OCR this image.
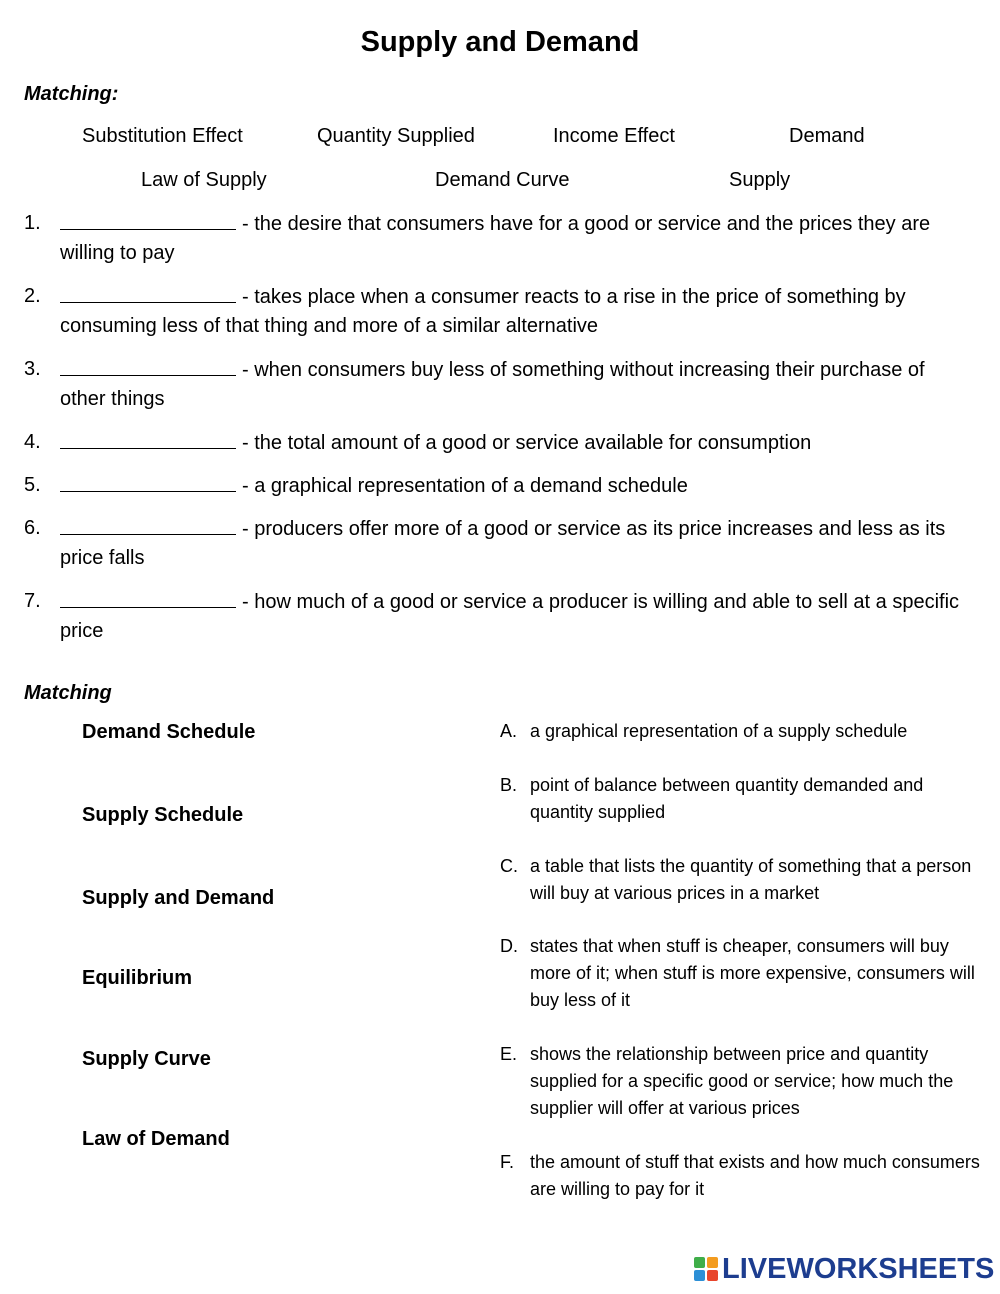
Supply and Demand
Matching:
Substitution Effect	Quantity Supplied	Income Effect	Demand
Law of Supply	Demand Curve	Supply
1.	- the desire that consumers have for a good or service and the prices they are willing to pay
2.	- takes place when a consumer reacts to a rise in the price of something by consuming less of that thing and more of a similar alternative
3.	- when consumers buy less of something without increasing their purchase of other things
4.	- the total amount of a good or service available for consumption
5.	- a graphical representation of a demand schedule
6.	- producers offer more of a good or service as its price increases and less as its price falls
7.	- how much of a good or service a producer is willing and able to sell at a specific price
Matching
Demand Schedule
Supply Schedule
Supply and Demand
Equilibrium
Supply Curve
Law of Demand
A. a graphical representation of a supply schedule
B. point of balance between quantity demanded and quantity supplied
C. a table that lists the quantity of something that a person will buy at various prices in a market
D. states that when stuff is cheaper, consumers will buy more of it; when stuff is more expensive, consumers will buy less of it
E. shows the relationship between price and quantity supplied for a specific good or service; how much the supplier will offer at various prices
F. the amount of stuff that exists and how much consumers are willing to pay for it
LIVEWORKSHEETS
